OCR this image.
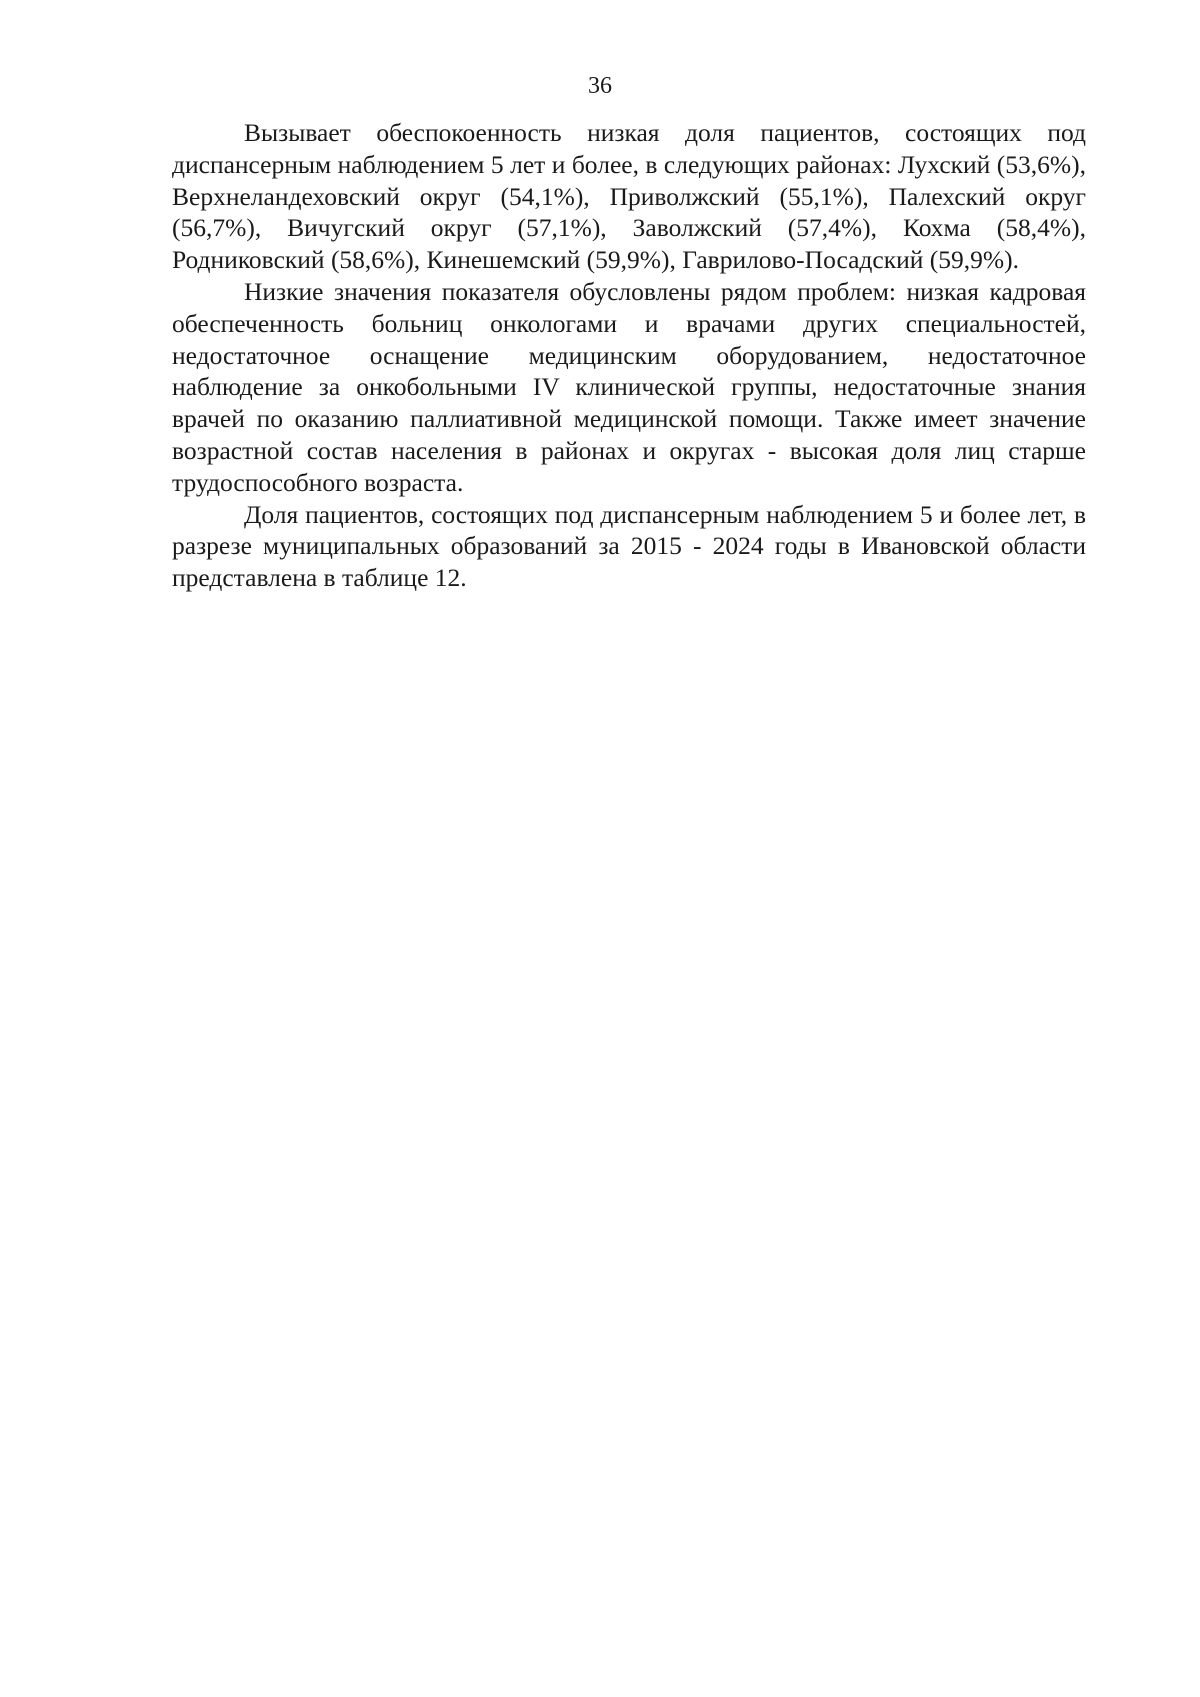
36

Вызывает обеспокоенность низкая доля пациентов, состоящих под диспансерным наблюдением 5 лет и более, в следующих районах: Лухский (53,6%), Верхнеландеховский округ (54,1%), Приволжский (55,1%), Палехский округ (56,7%), Вичугский округ (57,1%), Заволжский (57,4%), Кохма (58,4%), Родниковский (58,6%), Кинешемский (59,9%), Гаврилово-Посадский (59,9%).

Низкие значения показателя обусловлены рядом проблем: низкая кадровая обеспеченность больниц онкологами и врачами других специальностей, недостаточное оснащение медицинским оборудованием, недостаточное наблюдение за онкобольными IV клинической группы, недостаточные знания врачей по оказанию паллиативной медицинской помощи. Также имеет значение возрастной состав населения в районах и округах - высокая доля лиц старше трудоспособного возраста.

Доля пациентов, состоящих под диспансерным наблюдением 5 и более лет, в разрезе муниципальных образований за 2015 - 2024 годы в Ивановской области представлена в таблице 12.
